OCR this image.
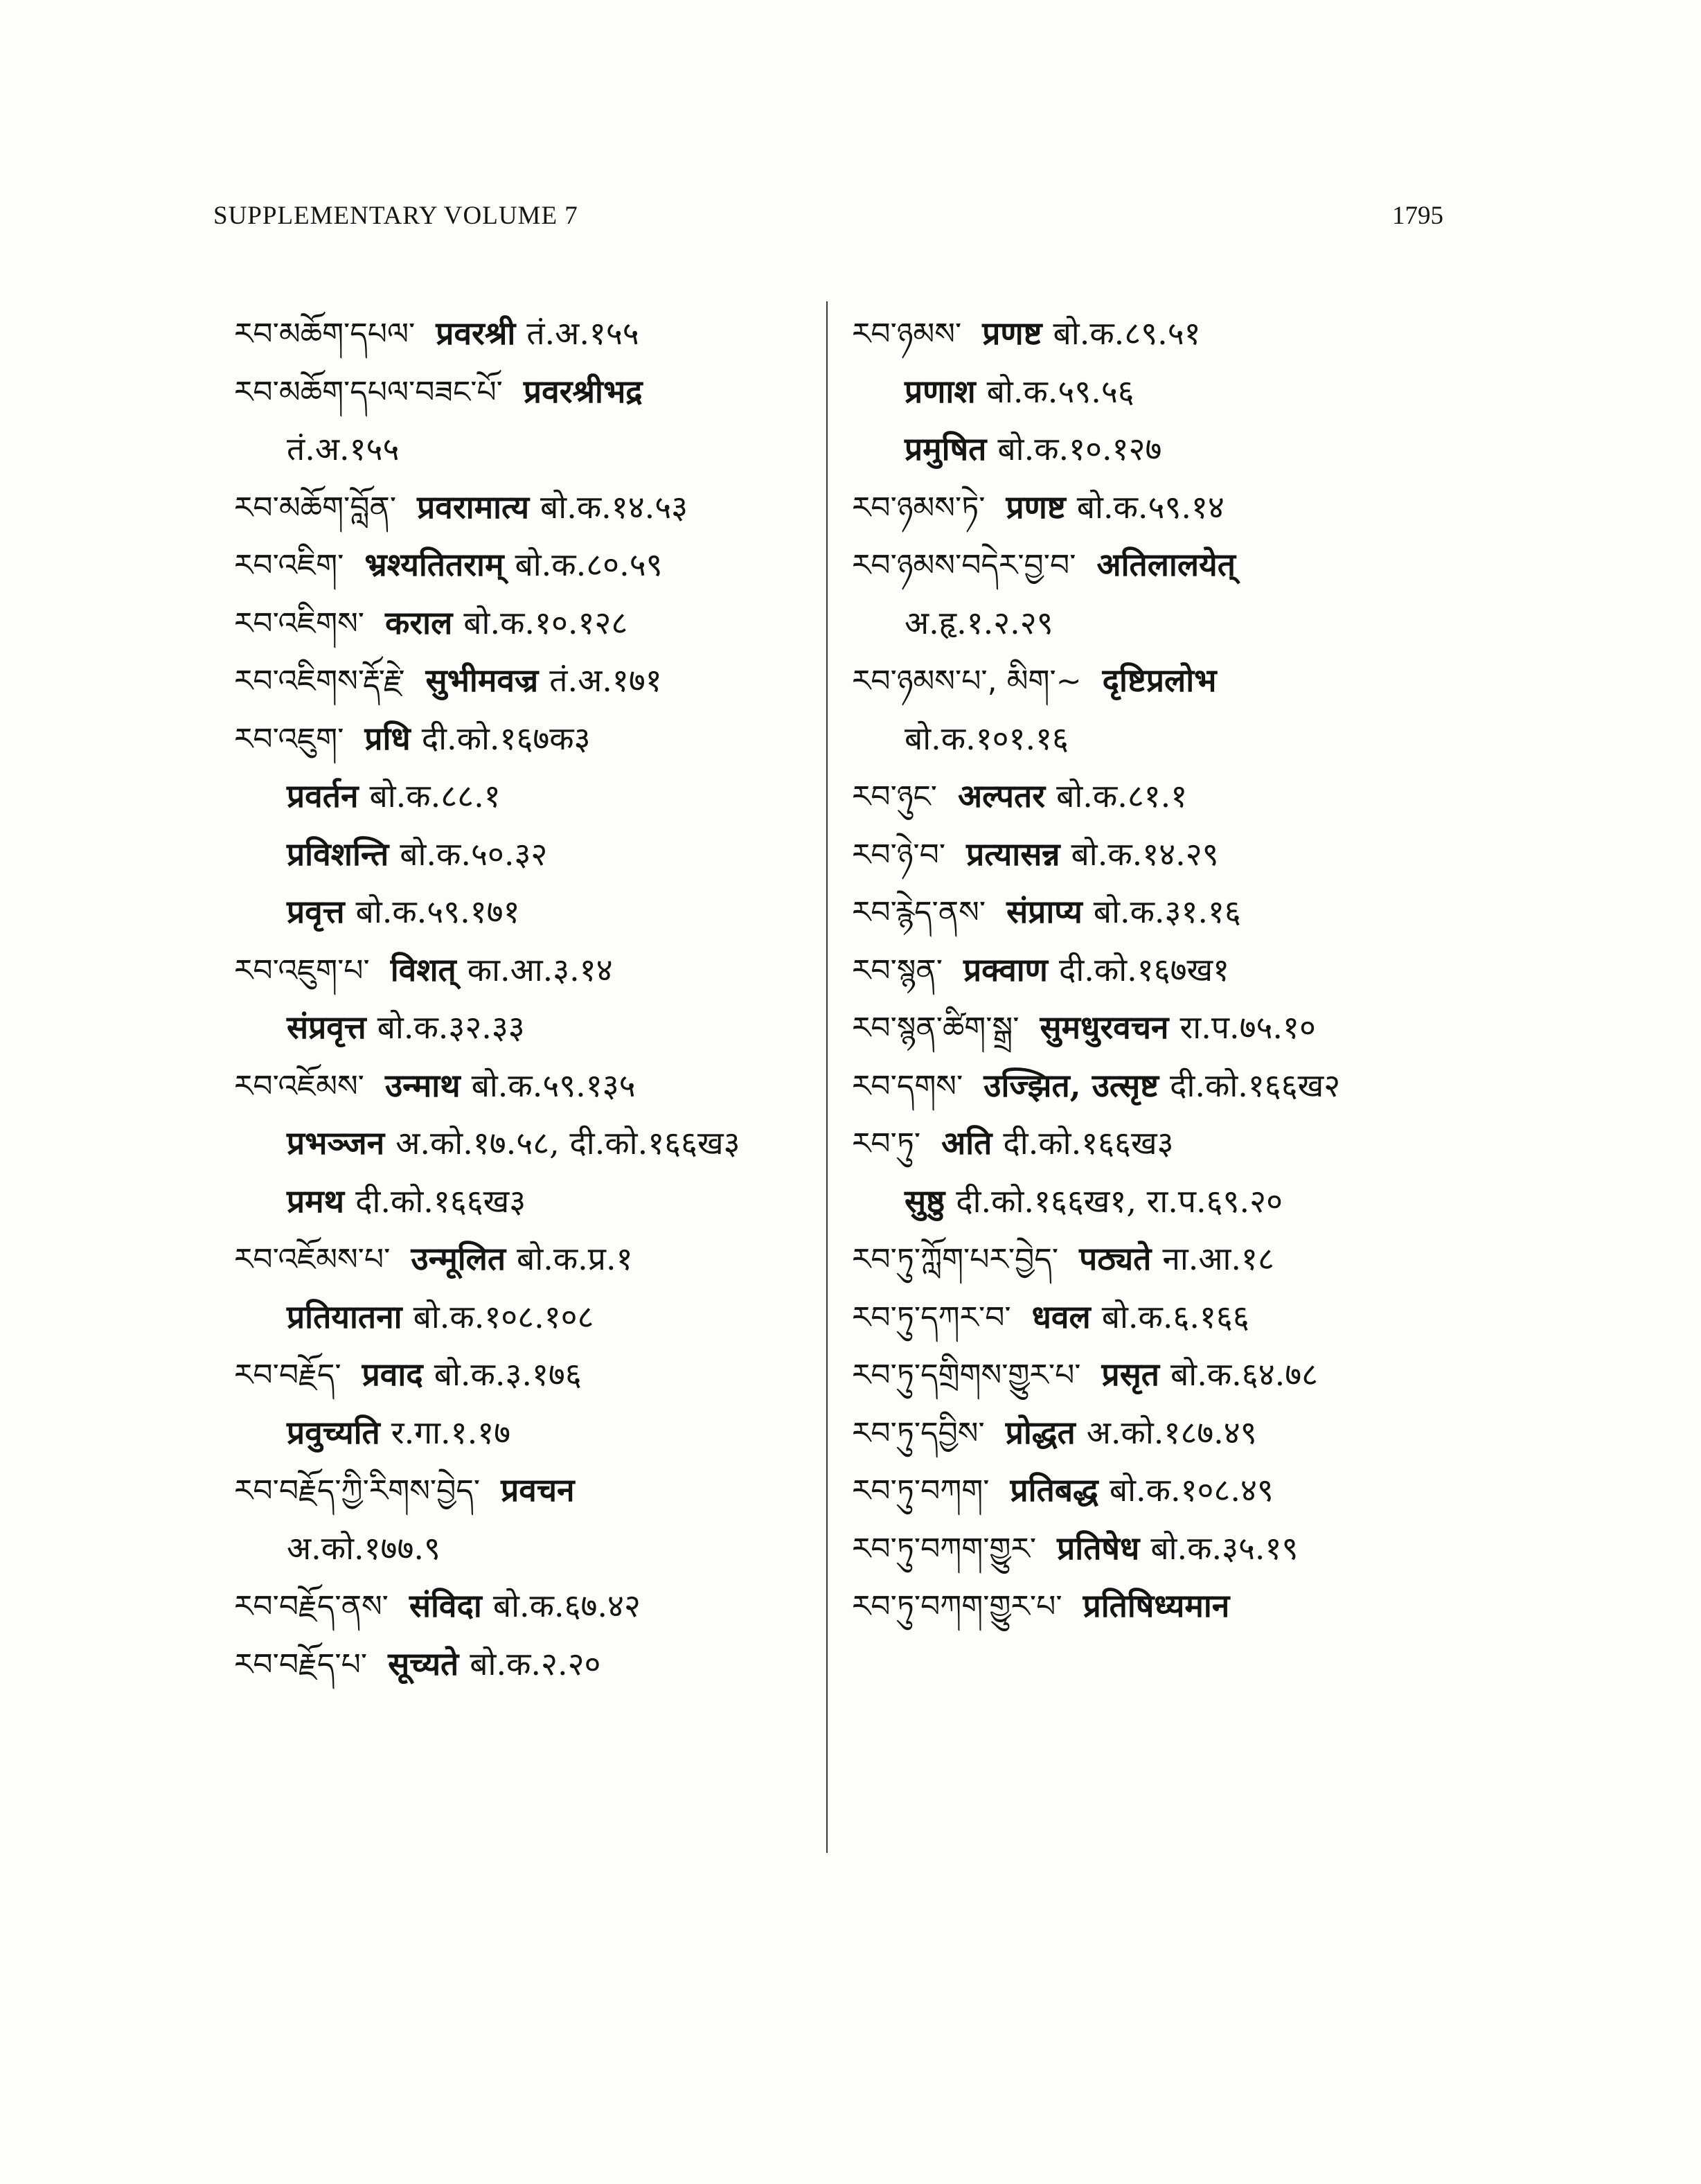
SUPPLEMENTARY VOLUME 7	1795
རབ་མཆོག་དཔལ་ प्रवरश्री तं.अ.१५५
རབ་མཆོག་དཔལ་བཟང་པོ་ प्रवरश्रीभद्र
तं.अ.१५५
རབ་མཆོག་བློན་ प्रवरामात्य बो.क.१४.५३
རབ་འཇིག་ भ्रश्यतितराम् बो.क.८०.५९
རབ་འཇིགས་ कराल बो.क.१०.१२८
རབ་འཇིགས་རྡོ་རྗེ་ सुभीमवज्र तं.अ.१७१
རབ་འཇུག་ प्रधि दी.को.१६७क३
प्रवर्तन बो.क.८८.१
प्रविशन्ति बो.क.५०.३२
प्रवृत्त बो.क.५९.१७१
རབ་འཇུག་པ་ विशत् का.आ.३.१४
संप्रवृत्त बो.क.३२.३३
རབ་འཇོམས་ उन्माथ बो.क.५९.१३५
प्रभञ्जन अ.को.१७.५८, दी.को.१६६ख३
प्रमथ दी.को.१६६ख३
རབ་འཇོམས་པ་ उन्मूलित बो.क.प्र.१
प्रतियातना बो.क.१०८.१०८
རབ་བརྗོད་ प्रवाद बो.क.३.१७६
प्रवुच्यति र.गा.१.१७
རབ་བརྗོད་ཀྱི་རིགས་བྱེད་ प्रवचन
अ.को.१७७.९
རབ་བརྗོད་ནས་ संविदा बो.क.६७.४२
རབ་བརྗོད་པ་ सूच्यते बो.क.२.२०
རབ་ཉམས་ प्रणष्ट बो.क.८९.५१
प्रणाश बो.क.५९.५६
प्रमुषित बो.क.१०.१२७
རབ་ཉམས་ཏེ་ प्रणष्ट बो.क.५९.१४
རབ་ཉམས་བདེར་བྱ་བ་ अतिलालयेत्
अ.हृ.१.२.२९
རབ་ཉམས་པ་, མིག་~ दृष्टिप्रलोभ
बो.क.१०१.१६
རབ་ཉུང་ अल्पतर बो.क.८१.१
རབ་ཉེ་བ་ प्रत्यासन्न बो.क.१४.२९
རབ་རྙེད་ནས་ संप्राप्य बो.क.३१.१६
རབ་སྙན་ प्रक्वाण दी.को.१६७ख१
རབ་སྙན་ཚིག་སྒྲ་ सुमधुरवचन रा.प.७५.१०
རབ་དགས་ उज्झित, उत्सृष्ट दी.को.१६६ख२
རབ་ཏུ་ अति दी.को.१६६ख३
सुष्ठु दी.को.१६६ख१, रा.प.६९.२०
རབ་ཏུ་ཀློག་པར་བྱེད་ पठ्यते ना.आ.१८
རབ་ཏུ་དཀར་བ་ धवल बो.क.६.१६६
རབ་ཏུ་དགྲིགས་གྱུར་པ་ प्रसृत बो.क.६४.७८
རབ་ཏུ་དབྱིས་ प्रोद्धत अ.को.१८७.४९
རབ་ཏུ་བཀག་ प्रतिबद्ध बो.क.१०८.४९
རབ་ཏུ་བཀག་གྱུར་ प्रतिषेध बो.क.३५.१९
རབ་ཏུ་བཀག་གྱུར་པ་ प्रतिषिध्यमान
